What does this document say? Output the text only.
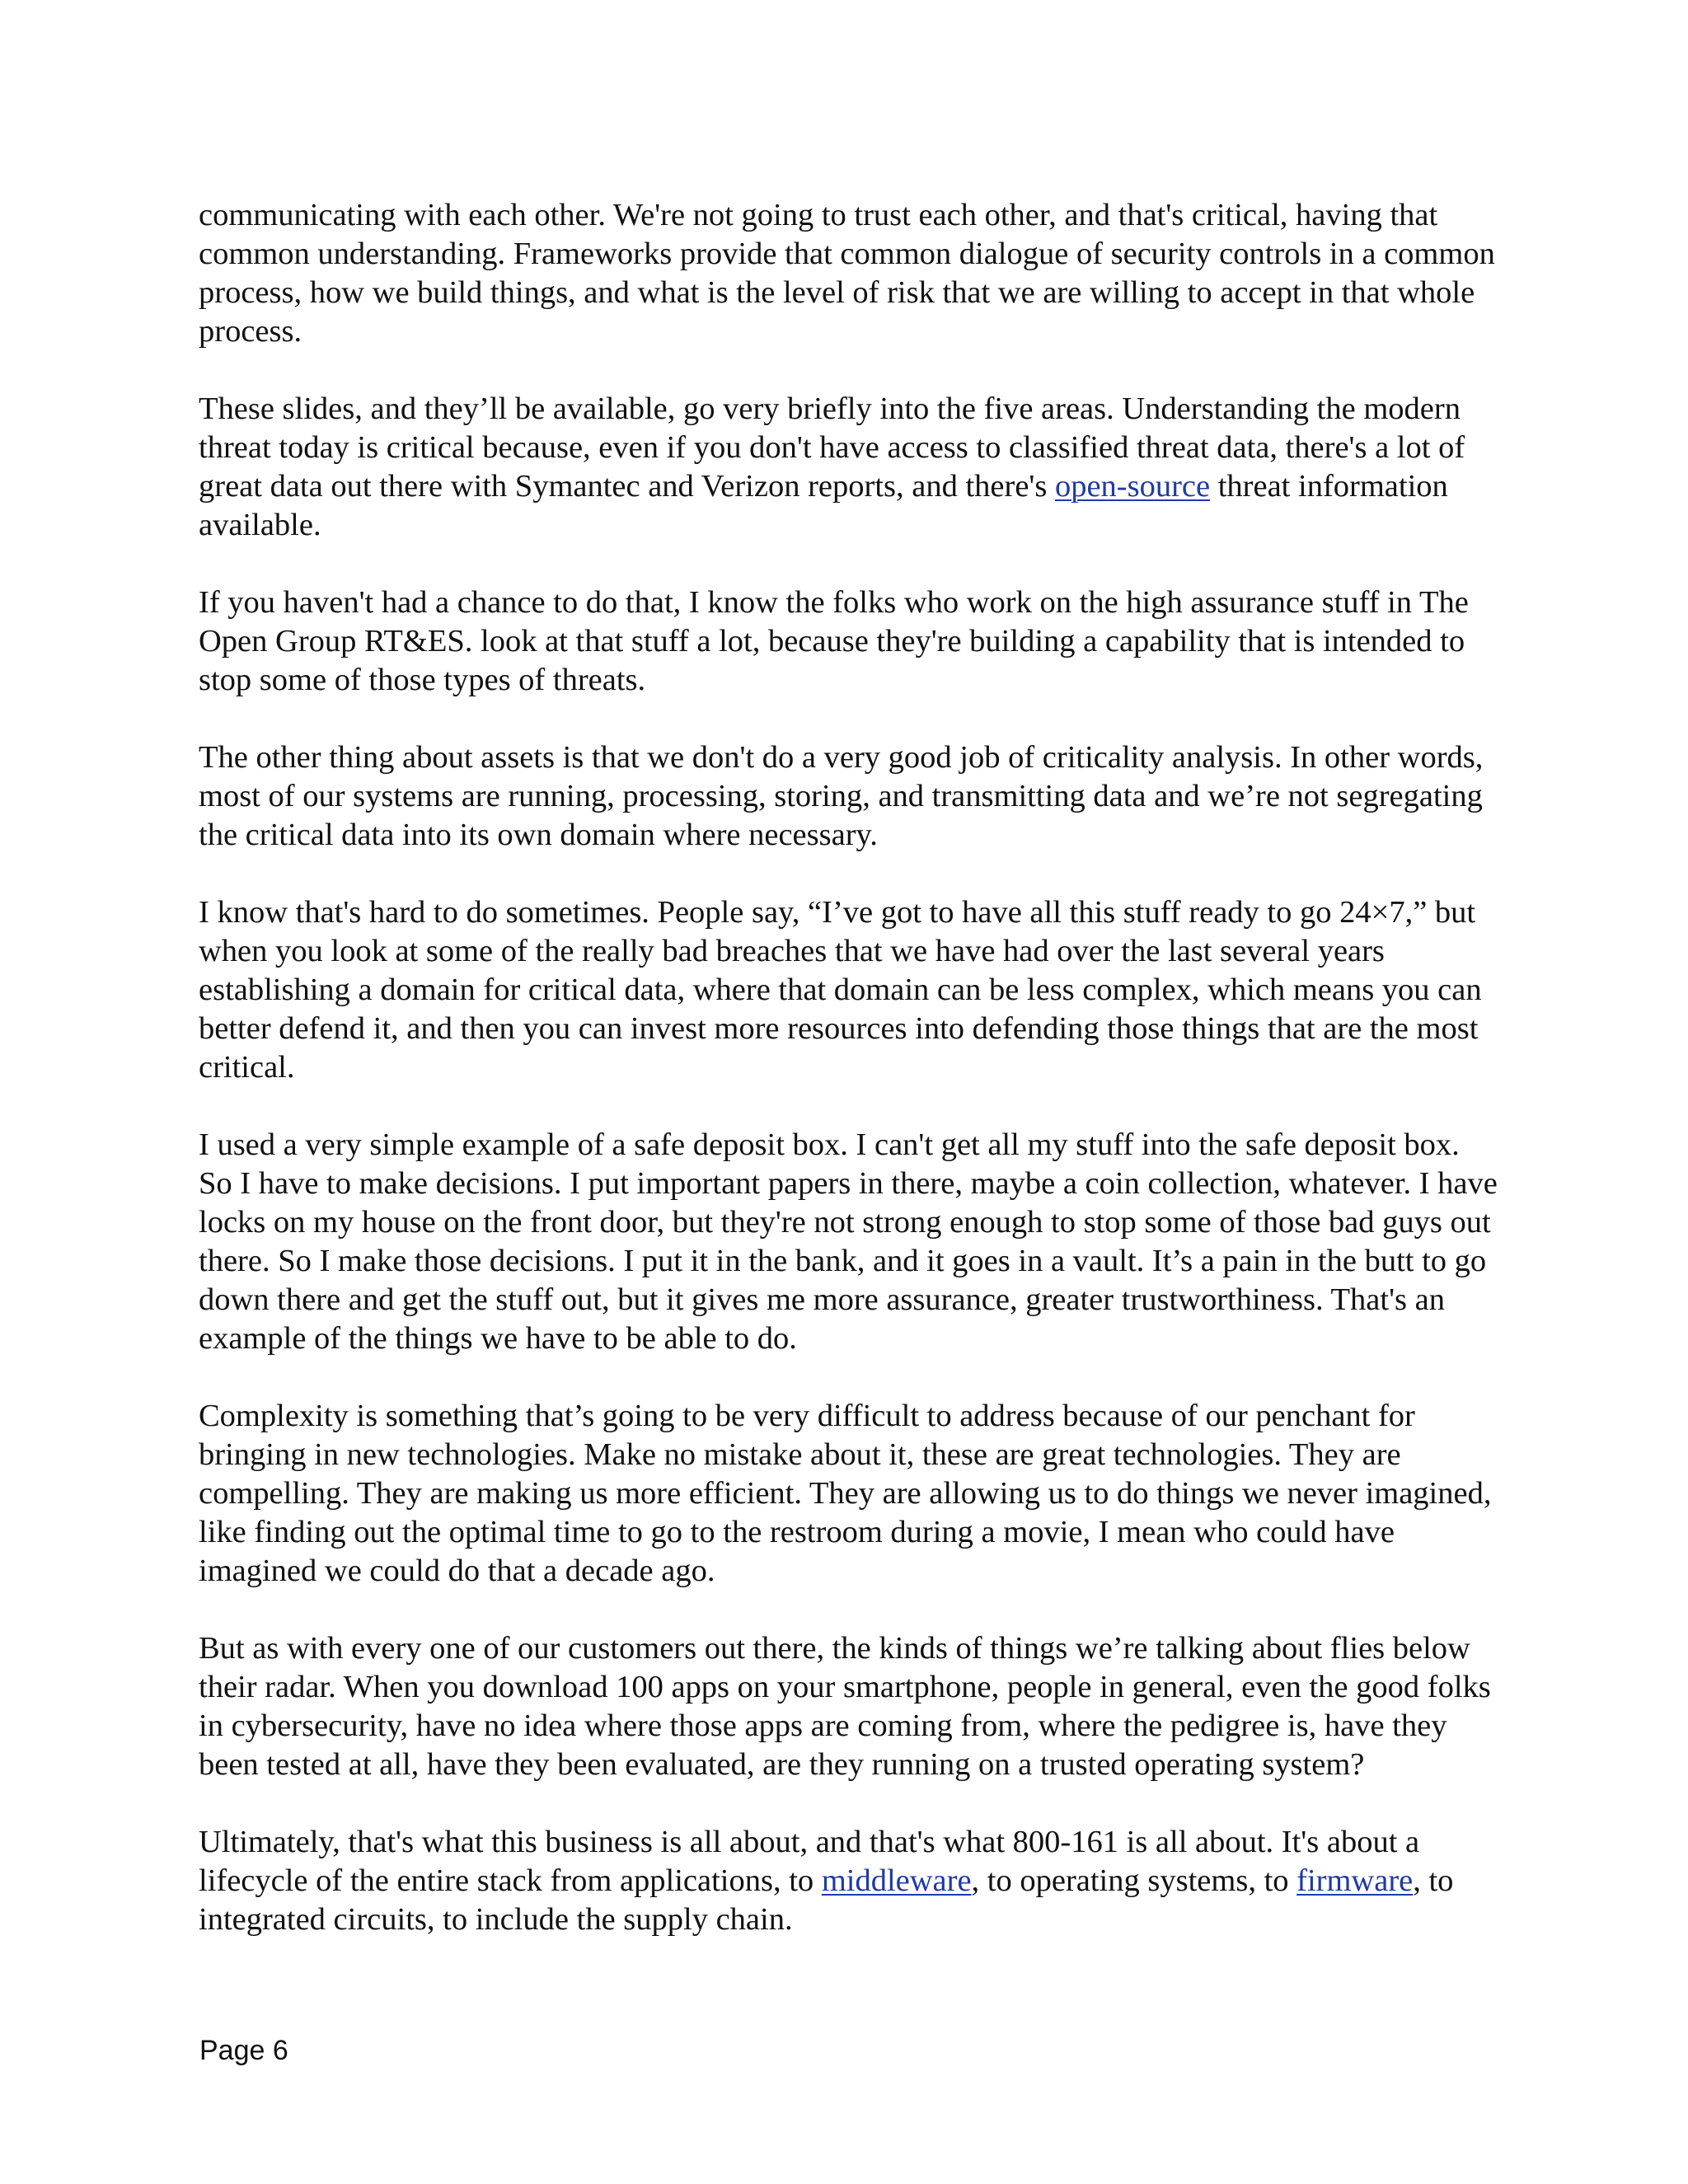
communicating with each other. We're not going to trust each other, and that's critical, having that common understanding. Frameworks provide that common dialogue of security controls in a common process, how we build things, and what is the level of risk that we are willing to accept in that whole process.

These slides, and they’ll be available, go very briefly into the five areas. Understanding the modern threat today is critical because, even if you don't have access to classified threat data, there's a lot of great data out there with Symantec and Verizon reports, and there's open-source threat information available.

If you haven't had a chance to do that, I know the folks who work on the high assurance stuff in The Open Group RT&ES. look at that stuff a lot, because they're building a capability that is intended to stop some of those types of threats.

The other thing about assets is that we don't do a very good job of criticality analysis. In other words, most of our systems are running, processing, storing, and transmitting data and we’re not segregating the critical data into its own domain where necessary.

I know that's hard to do sometimes. People say, “I’ve got to have all this stuff ready to go 24×7,” but when you look at some of the really bad breaches that we have had over the last several years establishing a domain for critical data, where that domain can be less complex, which means you can better defend it, and then you can invest more resources into defending those things that are the most critical.

I used a very simple example of a safe deposit box. I can't get all my stuff into the safe deposit box. So I have to make decisions. I put important papers in there, maybe a coin collection, whatever. I have locks on my house on the front door, but they're not strong enough to stop some of those bad guys out there. So I make those decisions. I put it in the bank, and it goes in a vault. It’s a pain in the butt to go down there and get the stuff out, but it gives me more assurance, greater trustworthiness. That's an example of the things we have to be able to do.

Complexity is something that’s going to be very difficult to address because of our penchant for bringing in new technologies. Make no mistake about it, these are great technologies. They are compelling. They are making us more efficient. They are allowing us to do things we never imagined, like finding out the optimal time to go to the restroom during a movie, I mean who could have imagined we could do that a decade ago.

But as with every one of our customers out there, the kinds of things we’re talking about flies below their radar. When you download 100 apps on your smartphone, people in general, even the good folks in cybersecurity, have no idea where those apps are coming from, where the pedigree is, have they been tested at all, have they been evaluated, are they running on a trusted operating system?

Ultimately, that's what this business is all about, and that's what 800-161 is all about. It's about a lifecycle of the entire stack from applications, to middleware, to operating systems, to firmware, to integrated circuits, to include the supply chain.

Page 6
